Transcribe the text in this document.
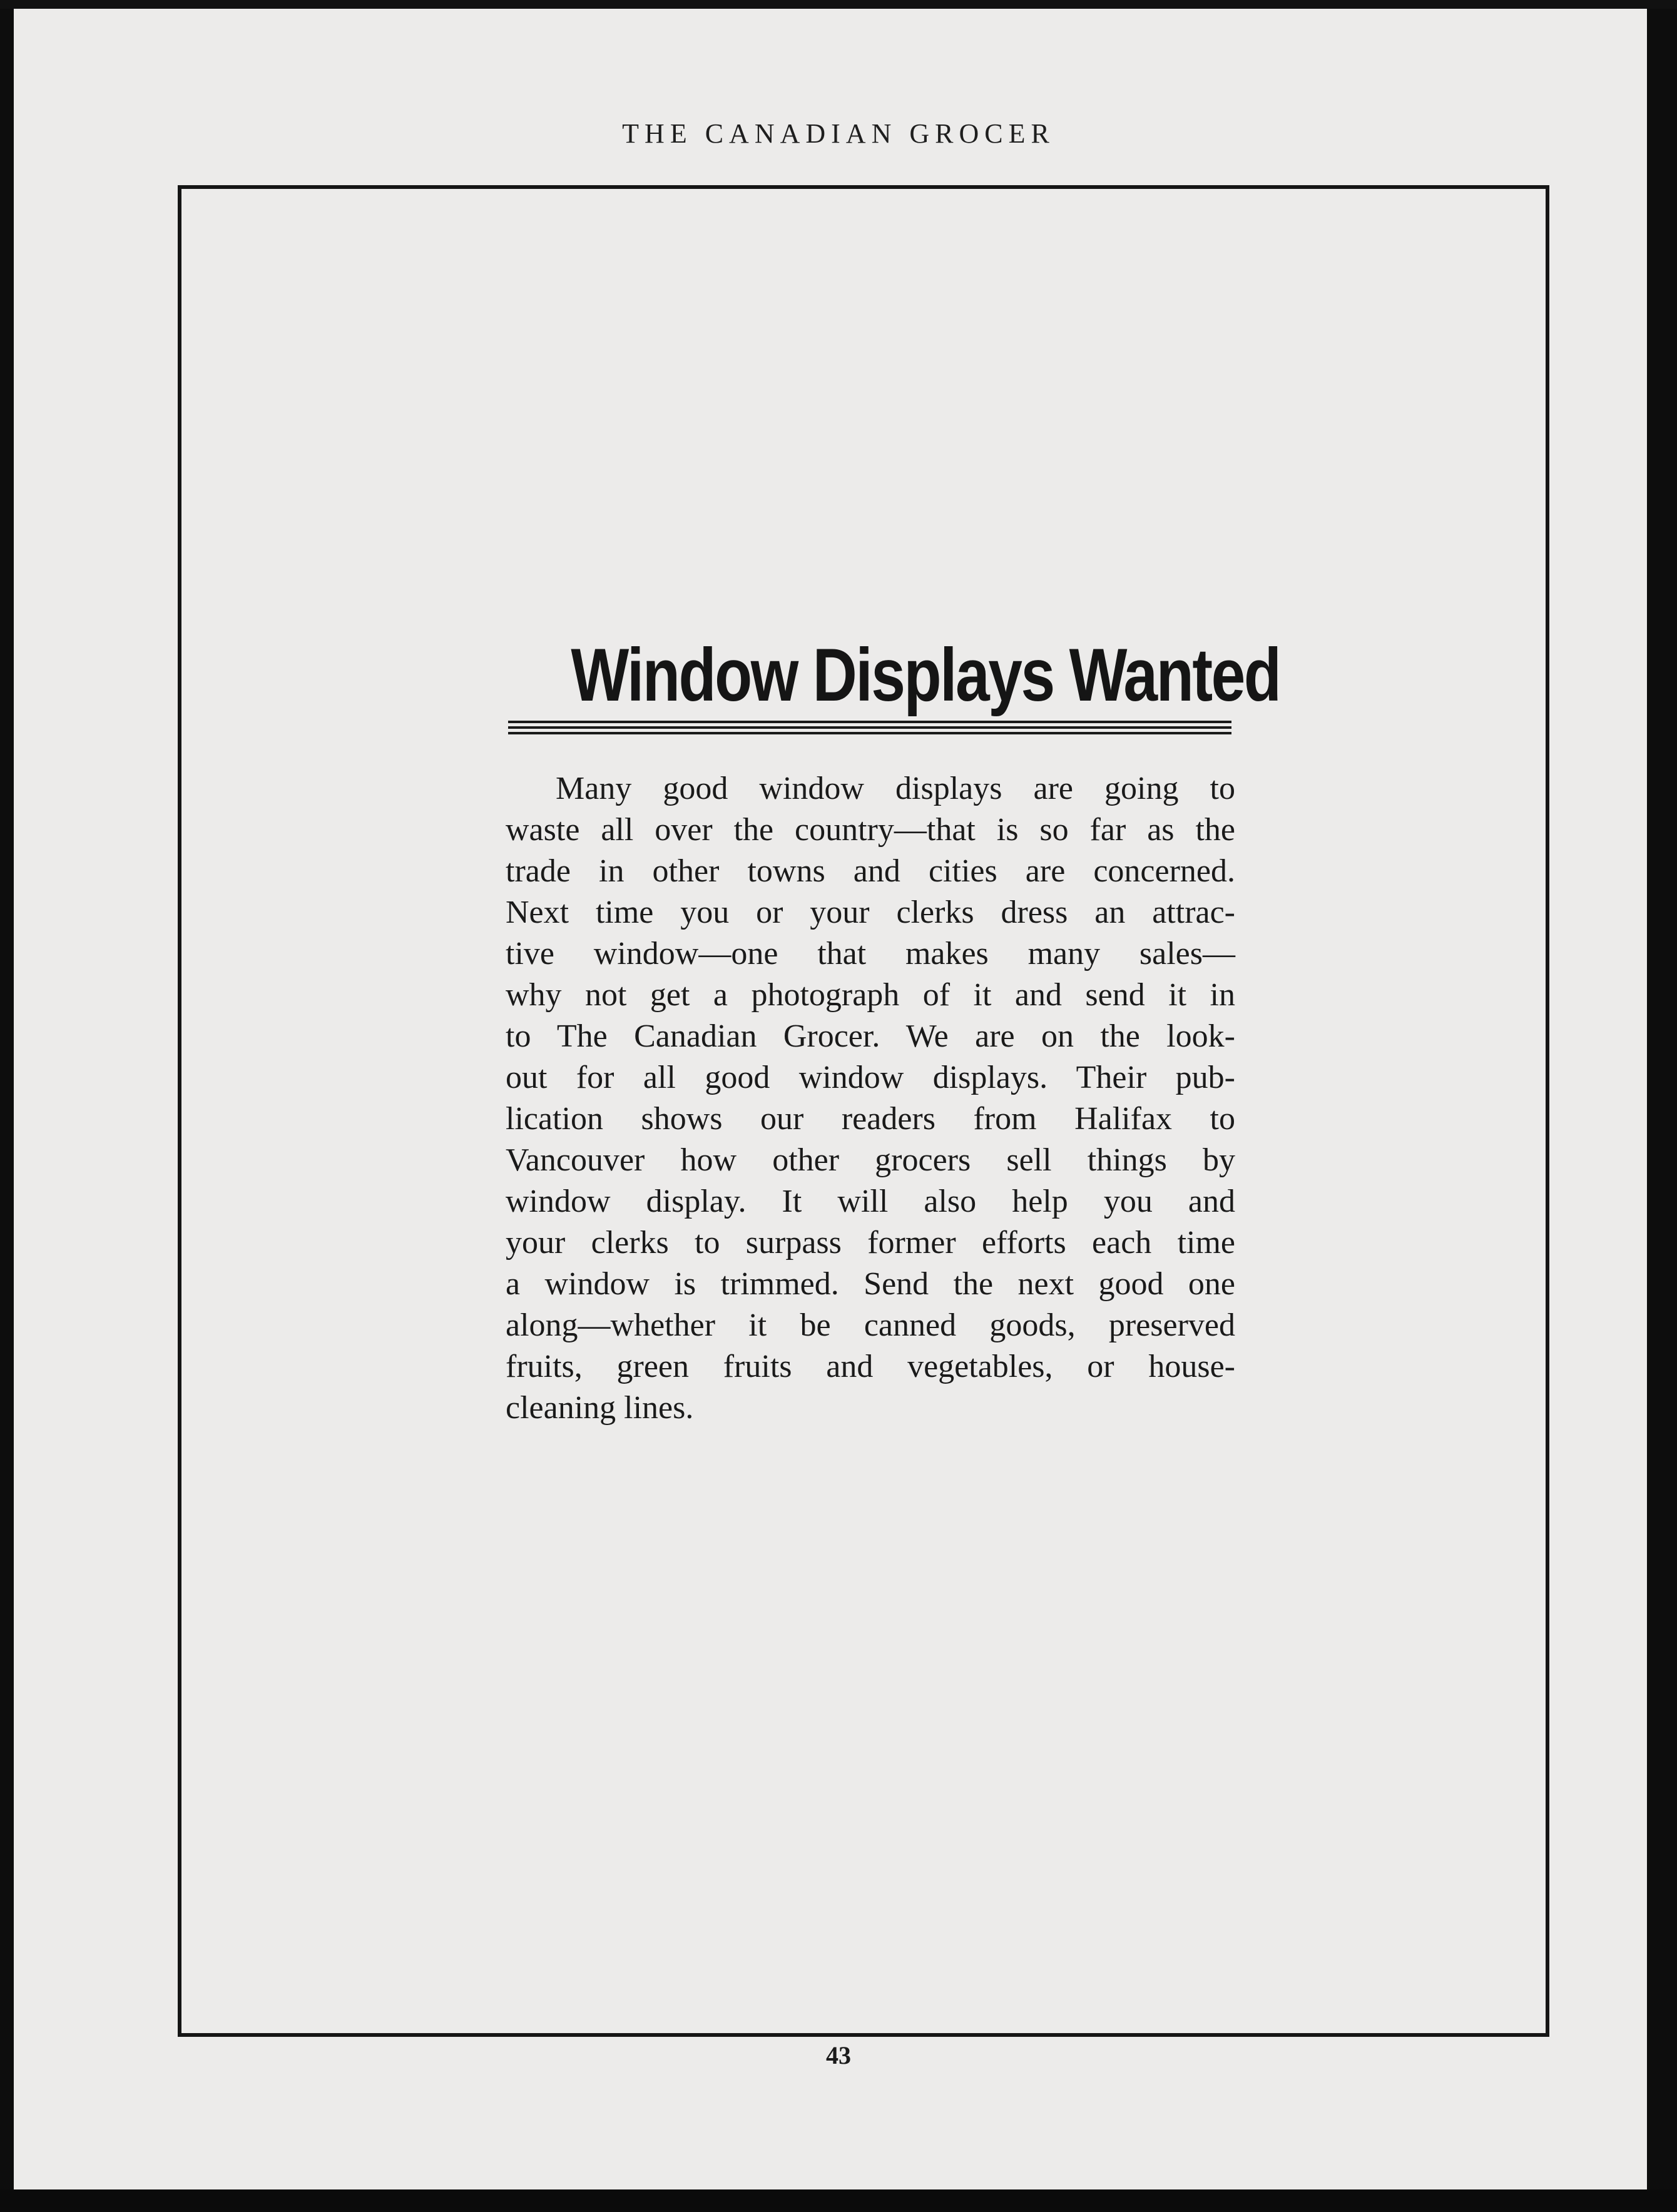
THE CANADIAN GROCER
Window Displays Wanted
Many good window displays are going to
waste all over the country—that is so far as the
trade in other towns and cities are concerned.
Next time you or your clerks dress an attrac-
tive window—one that makes many sales—
why not get a photograph of it and send it in
to The Canadian Grocer. We are on the look-
out for all good window displays. Their pub-
lication shows our readers from Halifax to
Vancouver how other grocers sell things by
window display. It will also help you and
your clerks to surpass former efforts each time
a window is trimmed. Send the next good one
along—whether it be canned goods, preserved
fruits, green fruits and vegetables, or house-
cleaning lines.
43
